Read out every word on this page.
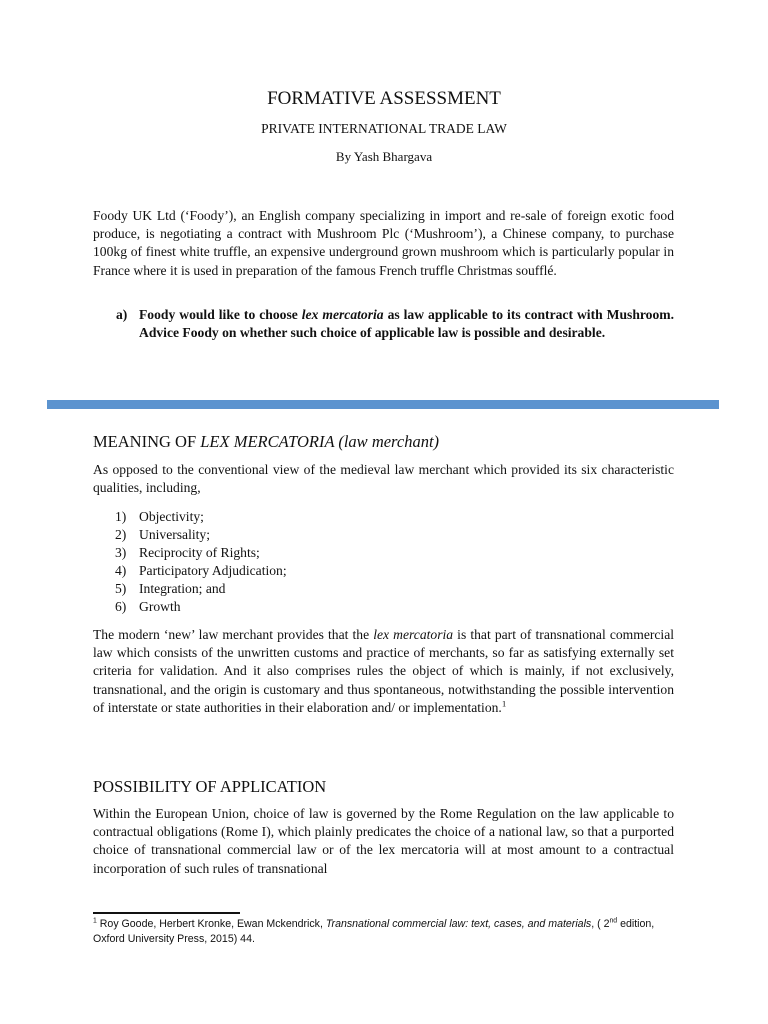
FORMATIVE ASSESSMENT
PRIVATE INTERNATIONAL TRADE LAW
By Yash Bhargava
Foody UK Ltd (‘Foody’), an English company specializing in import and re-sale of foreign exotic food produce, is negotiating a contract with Mushroom Plc (‘Mushroom’), a Chinese company, to purchase 100kg of finest white truffle, an expensive underground grown mushroom which is particularly popular in France where it is used in preparation of the famous French truffle Christmas soufflé.
a) Foody would like to choose lex mercatoria as law applicable to its contract with Mushroom. Advice Foody on whether such choice of applicable law is possible and desirable.
MEANING OF LEX MERCATORIA (law merchant)
As opposed to the conventional view of the medieval law merchant which provided its six characteristic qualities, including,
1) Objectivity;
2) Universality;
3) Reciprocity of Rights;
4) Participatory Adjudication;
5) Integration; and
6) Growth
The modern ‘new’ law merchant provides that the lex mercatoria is that part of transnational commercial law which consists of the unwritten customs and practice of merchants, so far as satisfying externally set criteria for validation. And it also comprises rules the object of which is mainly, if not exclusively, transnational, and the origin is customary and thus spontaneous, notwithstanding the possible intervention of interstate or state authorities in their elaboration and/ or implementation.$^1$
POSSIBILITY OF APPLICATION
Within the European Union, choice of law is governed by the Rome Regulation on the law applicable to contractual obligations (Rome I), which plainly predicates the choice of a national law, so that a purported choice of transnational commercial law or of the lex mercatoria will at most amount to a contractual incorporation of such rules of transnational
$^1$ Roy Goode, Herbert Kronke, Ewan Mckendrick, Transnational commercial law: text, cases, and materials, ( 2nd edition, Oxford University Press, 2015) 44.
